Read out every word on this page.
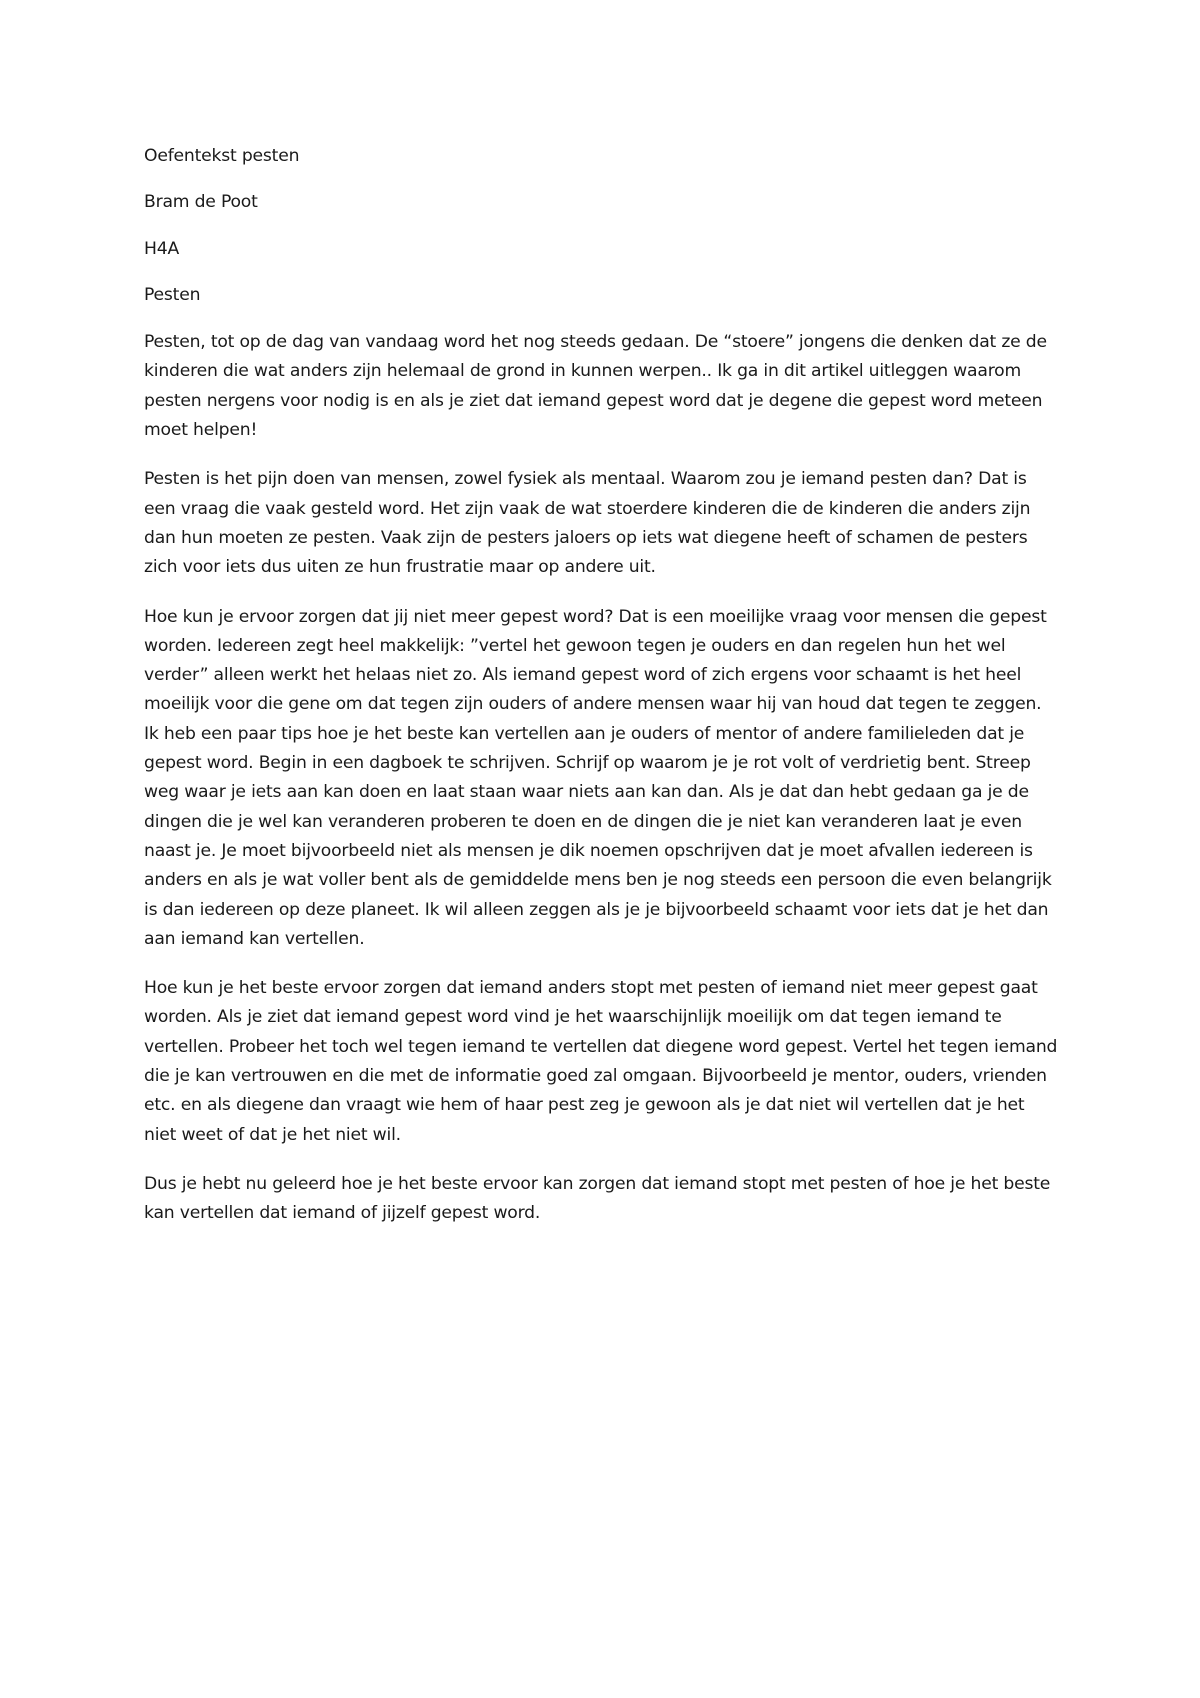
Oefentekst pesten

Bram de Poot

H4A

Pesten

Pesten, tot op de dag van vandaag word het nog steeds gedaan. De “stoere” jongens die denken dat ze de kinderen die wat anders zijn helemaal de grond in kunnen werpen.. Ik ga in dit artikel uitleggen waarom pesten nergens voor nodig is en als je ziet dat iemand gepest word dat je degene die gepest word meteen moet helpen!

Pesten is het pijn doen van mensen, zowel fysiek als mentaal. Waarom zou je iemand pesten dan? Dat is een vraag die vaak gesteld word. Het zijn vaak de wat stoerdere kinderen die de kinderen die anders zijn dan hun moeten ze pesten. Vaak zijn de pesters jaloers op iets wat diegene heeft of schamen de pesters zich voor iets dus uiten ze hun frustratie maar op andere uit.

Hoe kun je ervoor zorgen dat jij niet meer gepest word? Dat is een moeilijke vraag voor mensen die gepest worden. Iedereen zegt heel makkelijk: ”vertel het gewoon tegen je ouders en dan regelen hun het wel verder” alleen werkt het helaas niet zo. Als iemand gepest word of zich ergens voor schaamt is het heel moeilijk voor die gene om dat tegen zijn ouders of andere mensen waar hij van houd dat tegen te zeggen. Ik heb een paar tips hoe je het beste kan vertellen aan je ouders of mentor of andere familieleden dat je gepest word. Begin in een dagboek te schrijven. Schrijf op waarom je je rot volt of verdrietig bent. Streep weg waar je iets aan kan doen en laat staan waar niets aan kan dan. Als je dat dan hebt gedaan ga je de dingen die je wel kan veranderen proberen te doen en de dingen die je niet kan veranderen laat je even naast je. Je moet bijvoorbeeld niet als mensen je dik noemen opschrijven dat je moet afvallen iedereen is anders en als je wat voller bent als de gemiddelde mens ben je nog steeds een persoon die even belangrijk is dan iedereen op deze planeet. Ik wil alleen zeggen als je je bijvoorbeeld schaamt voor iets dat je het dan aan iemand kan vertellen.

Hoe kun je het beste ervoor zorgen dat iemand anders stopt met pesten of iemand niet meer gepest gaat worden. Als je ziet dat iemand gepest word vind je het waarschijnlijk moeilijk om dat tegen iemand te vertellen. Probeer het toch wel tegen iemand te vertellen dat diegene word gepest. Vertel het tegen iemand die je kan vertrouwen en die met de informatie goed zal omgaan. Bijvoorbeeld je mentor, ouders, vrienden etc. en als diegene dan vraagt wie hem of haar pest zeg je gewoon als je dat niet wil vertellen dat je het niet weet of dat je het niet wil.

Dus je hebt nu geleerd hoe je het beste ervoor kan zorgen dat iemand stopt met pesten of hoe je het beste kan vertellen dat iemand of jijzelf gepest word.
